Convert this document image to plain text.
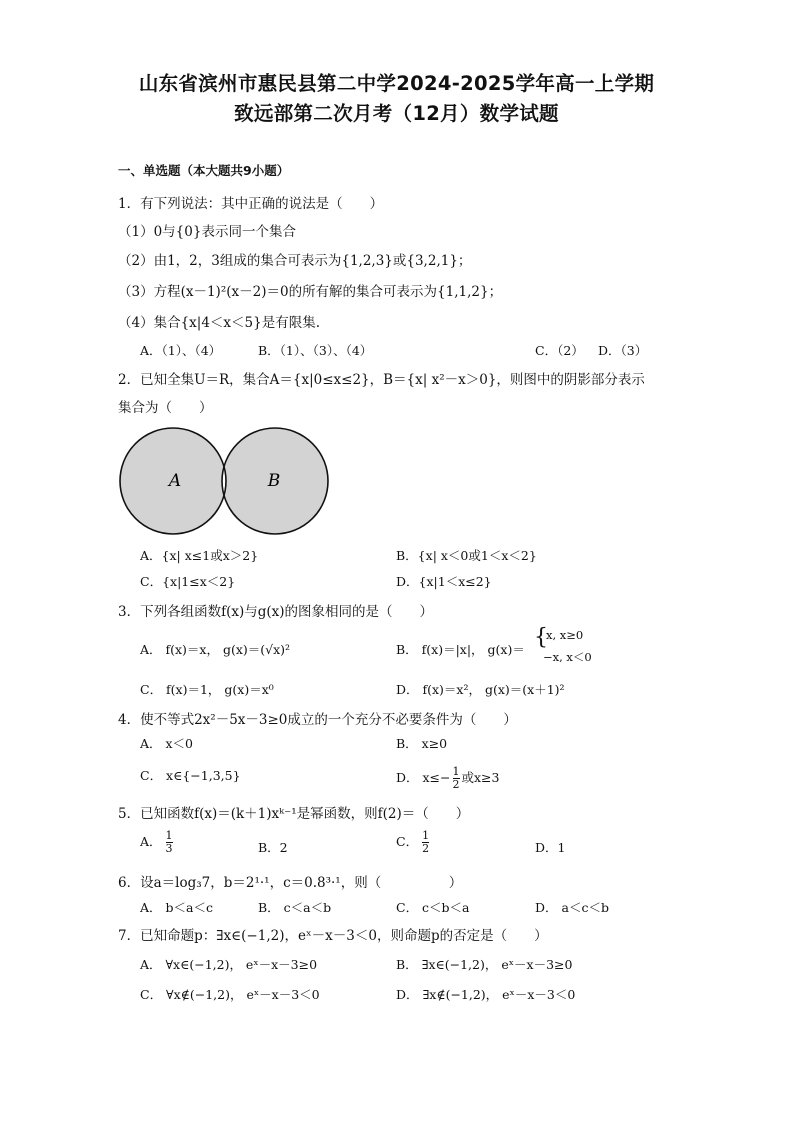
山东省滨州市惠民县第二中学2024-2025学年高一上学期
致远部第二次月考（12月）数学试题
一、单选题（本大题共9小题）
1．有下列说法：其中正确的说法是（　　）
（1）0与{0}表示同一个集合
（2）由1，2，3组成的集合可表示为{1,2,3}或{3,2,1}；
（3）方程(x－1)²(x－2)＝0的所有解的集合可表示为{1,1,2}；
（4）集合{x|4＜x＜5}是有限集.
A．（1）、（4）	B．（1）、（3）、（4）	C．（2） D．（3）
2．已知全集U＝R，集合A＝{x|0≤x≤2}，B＝{x| x²－x＞0}，则图中的阴影部分表示
集合为（　　）
A	B
A．{x| x≤1或x＞2}	B．{x| x＜0或1＜x＜2}
C．{x|1≤x＜2}	D．{x|1＜x≤2}
3．下列各组函数f(x)与g(x)的图象相同的是（　　）
A． f(x)＝x， g(x)＝(√x)²	B． f(x)＝|x|， g(x)＝ {
x, x≥0
−x, x＜0
C． f(x)＝1， g(x)＝x⁰	D． f(x)＝x²， g(x)＝(x＋1)²
4．使不等式2x²－5x－3≥0成立的一个充分不必要条件为（　　）
A． x＜0	B． x≥0
C． x∈{−1,3,5}	D． $x\le- \frac{1}{2}$ 或x≥3
5．已知函数f(x)＝(k＋1)xᵏ⁻¹是幂函数，则f(2)＝（　　）
A． $\frac{1}{3}$	B．2	C． $\frac{1}{2}$	D．1
6．设a＝log₃7，b＝2¹·¹，c＝0.8³·¹，则（　　　　　）
A． b＜a＜c	B． c＜a＜b	C． c＜b＜a	D． a＜c＜b
7．已知命题p：∃x∈(−1,2)，eˣ－x－3＜0，则命题p的否定是（　　）
A． ∀x∈(−1,2)， eˣ－x－3≥0	B． ∃x∈(−1,2)， eˣ－x－3≥0
C． ∀x∉(−1,2)， eˣ－x－3＜0	D． ∃x∉(−1,2)， eˣ－x－3＜0
